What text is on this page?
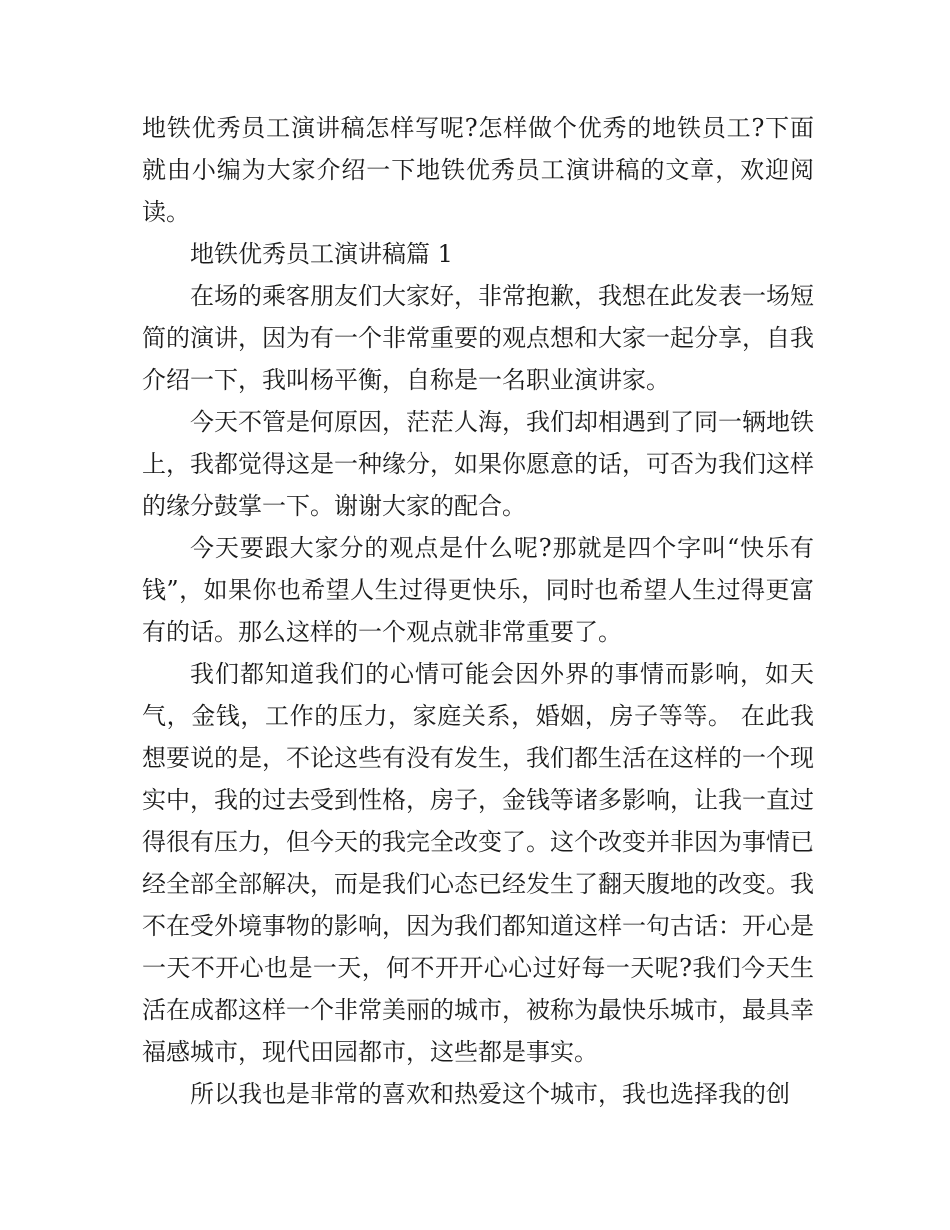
地铁优秀员工演讲稿怎样写呢?怎样做个优秀的地铁员工?下面就由小编为大家介绍一下地铁优秀员工演讲稿的文章，欢迎阅读。

地铁优秀员工演讲稿篇 1

在场的乘客朋友们大家好，非常抱歉，我想在此发表一场短简的演讲，因为有一个非常重要的观点想和大家一起分享，自我介绍一下，我叫杨平衡，自称是一名职业演讲家。

今天不管是何原因，茫茫人海，我们却相遇到了同一辆地铁上，我都觉得这是一种缘分，如果你愿意的话，可否为我们这样的缘分鼓掌一下。谢谢大家的配合。

今天要跟大家分的观点是什么呢?那就是四个字叫“快乐有钱”，如果你也希望人生过得更快乐，同时也希望人生过得更富有的话。那么这样的一个观点就非常重要了。

我们都知道我们的心情可能会因外界的事情而影响，如天气，金钱，工作的压力，家庭关系，婚姻，房子等等。 在此我想要说的是，不论这些有没有发生，我们都生活在这样的一个现实中，我的过去受到性格，房子，金钱等诸多影响，让我一直过得很有压力，但今天的我完全改变了。这个改变并非因为事情已经全部全部解决，而是我们心态已经发生了翻天腹地的改变。我不在受外境事物的影响，因为我们都知道这样一句古话：开心是一天不开心也是一天，何不开开心心过好每一天呢?我们今天生活在成都这样一个非常美丽的城市，被称为最快乐城市，最具幸福感城市，现代田园都市，这些都是事实。

所以我也是非常的喜欢和热爱这个城市，我也选择我的创
